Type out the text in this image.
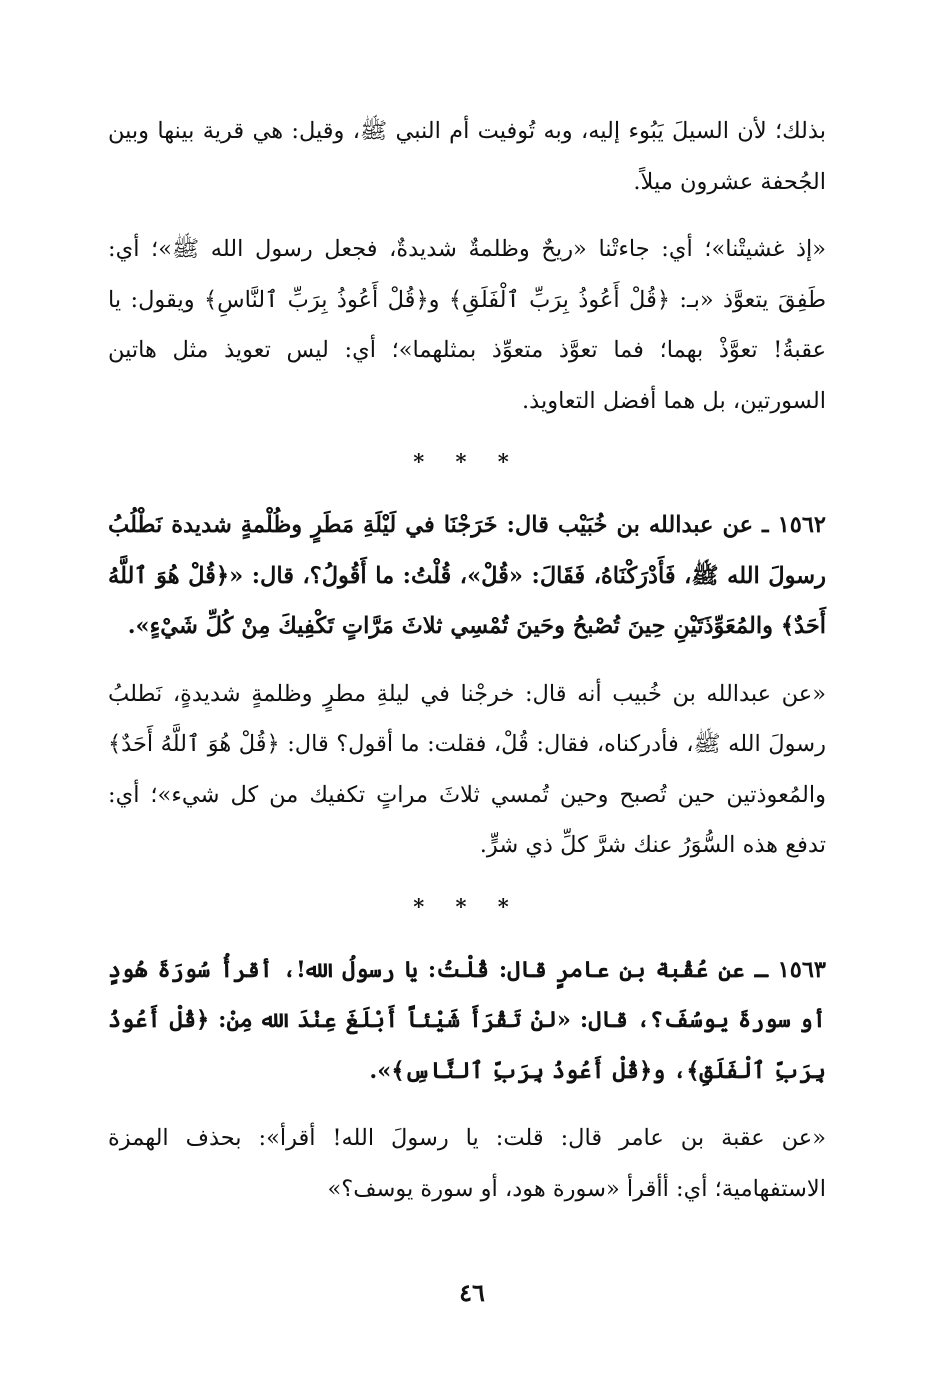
بذلك؛ لأن السيلَ يَبُوء إليه، وبه تُوفيت أم النبي ﷺ، وقيل: هي قرية بينها وبين الجُحفة عشرون ميلاً.

«إذ غشيتْنا»؛ أي: جاءتْنا «ريحٌ وظلمةٌ شديدةٌ، فجعل رسول الله ﷺ»؛ أي: طَفِقَ يتعوَّذ «بـ: ﴿قُلْ أَعُوذُ بِرَبِّ ٱلْفَلَقِ﴾ و﴿قُلْ أَعُوذُ بِرَبِّ ٱلنَّاسِ﴾ ويقول: يا عقبةُ! تعوَّذْ بهما؛ فما تعوَّذ متعوِّذ بمثلهما»؛ أي: ليس تعويذ مثل هاتين السورتين، بل هما أفضل التعاويذ.

* * *

١٥٦٢ ـ عن عبدالله بن خُبَيْب قال: خَرَجْنَا في لَيْلَةِ مَطَرٍ وظُلْمةٍ شديدة نَطْلُبُ رسولَ الله ﷺ، فَأَدْرَكْنَاهُ، فَقَالَ: «قُلْ»، قُلْتُ: ما أَقُولُ؟، قال: «﴿قُلْ هُوَ ٱللَّهُ أَحَدٌ﴾ والمُعَوِّذَتَيْنِ حِينَ تُصْبحُ وحَينَ تُمْسِي ثلاثَ مَرَّاتٍ تَكْفِيكَ مِنْ كُلِّ شَيْءٍ».

«عن عبدالله بن خُبيب أنه قال: خرجْنا في ليلةِ مطرٍ وظلمةٍ شديدةٍ، نَطلبُ رسولَ الله ﷺ، فأدركناه، فقال: قُلْ، فقلت: ما أقول؟ قال: ﴿قُلْ هُوَ ٱللَّهُ أَحَدٌ﴾ والمُعوذتين حين تُصبح وحين تُمسي ثلاثَ مراتٍ تكفيك من كل شيء»؛ أي: تدفع هذه السُّوَرُ عنك شرَّ كلِّ ذي شرٍّ.

* * *

١٥٦٣ ـ عن عُقْبة بن عامرٍ قال: قُلْتُ: يا رسولُ الله!، أقرأُ سُورَةَ هُودٍ أو سورةَ يوسُفَ؟، قال: «لنْ تَقْرَأَ شَيْئاً أَبْلَغَ عِنْدَ الله مِنْ: ﴿قُلْ أَعُوذُ بِرَبِّ ٱلْفَلَقِ﴾، و﴿قُلْ أَعُوذُ بِرَبِّ ٱلنَّاسِ﴾».

«عن عقبة بن عامر قال: قلت: يا رسولَ الله! أقرأ»: بحذف الهمزة الاستفهامية؛ أي: أأقرأ «سورة هود، أو سورة يوسف؟»

٤٦
